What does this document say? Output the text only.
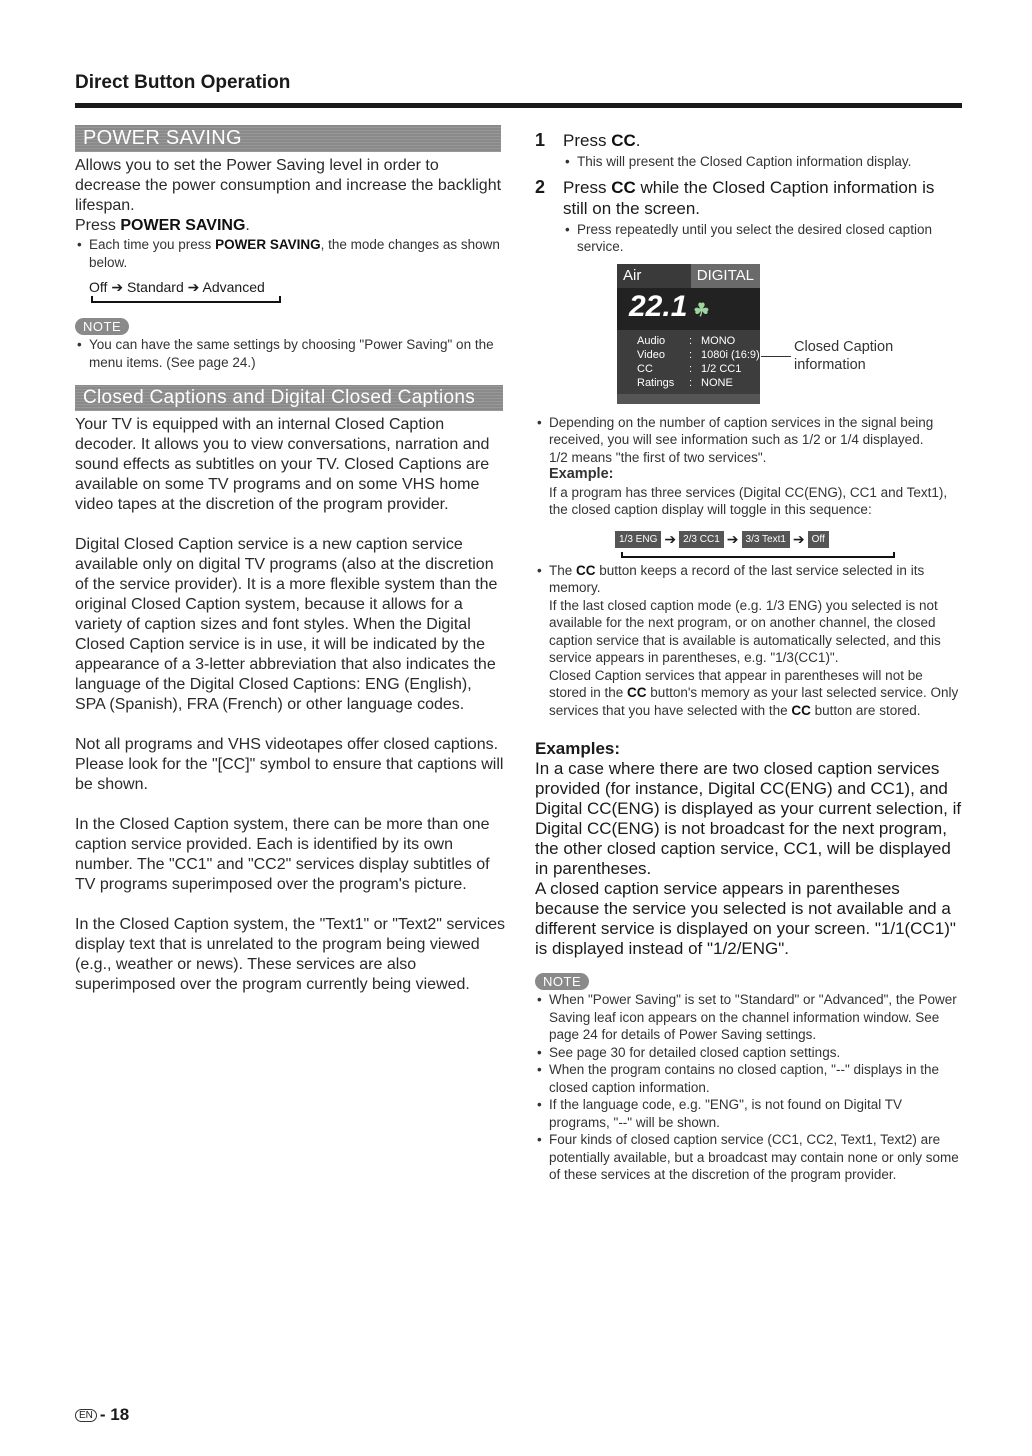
Direct Button Operation
POWER SAVING
Allows you to set the Power Saving level in order to decrease the power consumption and increase the backlight lifespan.
Press POWER SAVING.
• Each time you press POWER SAVING, the mode changes as shown below.
Off ➔ Standard ➔ Advanced
NOTE
• You can have the same settings by choosing "Power Saving" on the menu items. (See page 24.)
Closed Captions and Digital Closed Captions

Your TV is equipped with an internal Closed Caption decoder. It allows you to view conversations, narration and sound effects as subtitles on your TV. Closed Captions are available on some TV programs and on some VHS home video tapes at the discretion of the program provider.

Digital Closed Caption service is a new caption service available only on digital TV programs (also at the discretion of the service provider). It is a more flexible system than the original Closed Caption system, because it allows for a variety of caption sizes and font styles. When the Digital Closed Caption service is in use, it will be indicated by the appearance of a 3-letter abbreviation that also indicates the language of the Digital Closed Captions: ENG (English), SPA (Spanish), FRA (French) or other language codes.

Not all programs and VHS videotapes offer closed captions. Please look for the "[CC]" symbol to ensure that captions will be shown.

In the Closed Caption system, there can be more than one caption service provided. Each is identified by its own number. The "CC1" and "CC2" services display subtitles of TV programs superimposed over the program's picture.

In the Closed Caption system, the "Text1" or "Text2" services display text that is unrelated to the program being viewed (e.g., weather or news). These services are also superimposed over the program currently being viewed.

1 Press CC.
• This will present the Closed Caption information display.
2 Press CC while the Closed Caption information is still on the screen.
• Press repeatedly until you select the desired closed caption service.
Air	DIGITAL
22.1 ☘
Audio	: MONO
Video	: 1080i (16:9)
CC	: 1/2 CC1
Ratings	: NONE
Closed Caption information
• Depending on the number of caption services in the signal being received, you will see information such as 1/2 or 1/4 displayed.
1/2 means "the first of two services".
Example:
If a program has three services (Digital CC(ENG), CC1 and Text1), the closed caption display will toggle in this sequence:
1/3 ENG ➔ 2/3 CC1 ➔ 3/3 Text1 ➔ Off
• The CC button keeps a record of the last service selected in its memory.
If the last closed caption mode (e.g. 1/3 ENG) you selected is not available for the next program, or on another channel, the closed caption service that is available is automatically selected, and this service appears in parentheses, e.g. "1/3(CC1)".
Closed Caption services that appear in parentheses will not be stored in the CC button's memory as your last selected service. Only services that you have selected with the CC button are stored.
Examples:
In a case where there are two closed caption services provided (for instance, Digital CC(ENG) and CC1), and Digital CC(ENG) is displayed as your current selection, if Digital CC(ENG) is not broadcast for the next program, the other closed caption service, CC1, will be displayed in parentheses.
A closed caption service appears in parentheses because the service you selected is not available and a different service is displayed on your screen. "1/1(CC1)" is displayed instead of "1/2/ENG".
NOTE
• When "Power Saving" is set to "Standard" or "Advanced", the Power Saving leaf icon appears on the channel information window. See page 24 for details of Power Saving settings.
• See page 30 for detailed closed caption settings.
• When the program contains no closed caption, "--" displays in the closed caption information.
• If the language code, e.g. "ENG", is not found on Digital TV programs, "--" will be shown.
• Four kinds of closed caption service (CC1, CC2, Text1, Text2) are potentially available, but a broadcast may contain none or only some of these services at the discretion of the program provider.
EN - 18
